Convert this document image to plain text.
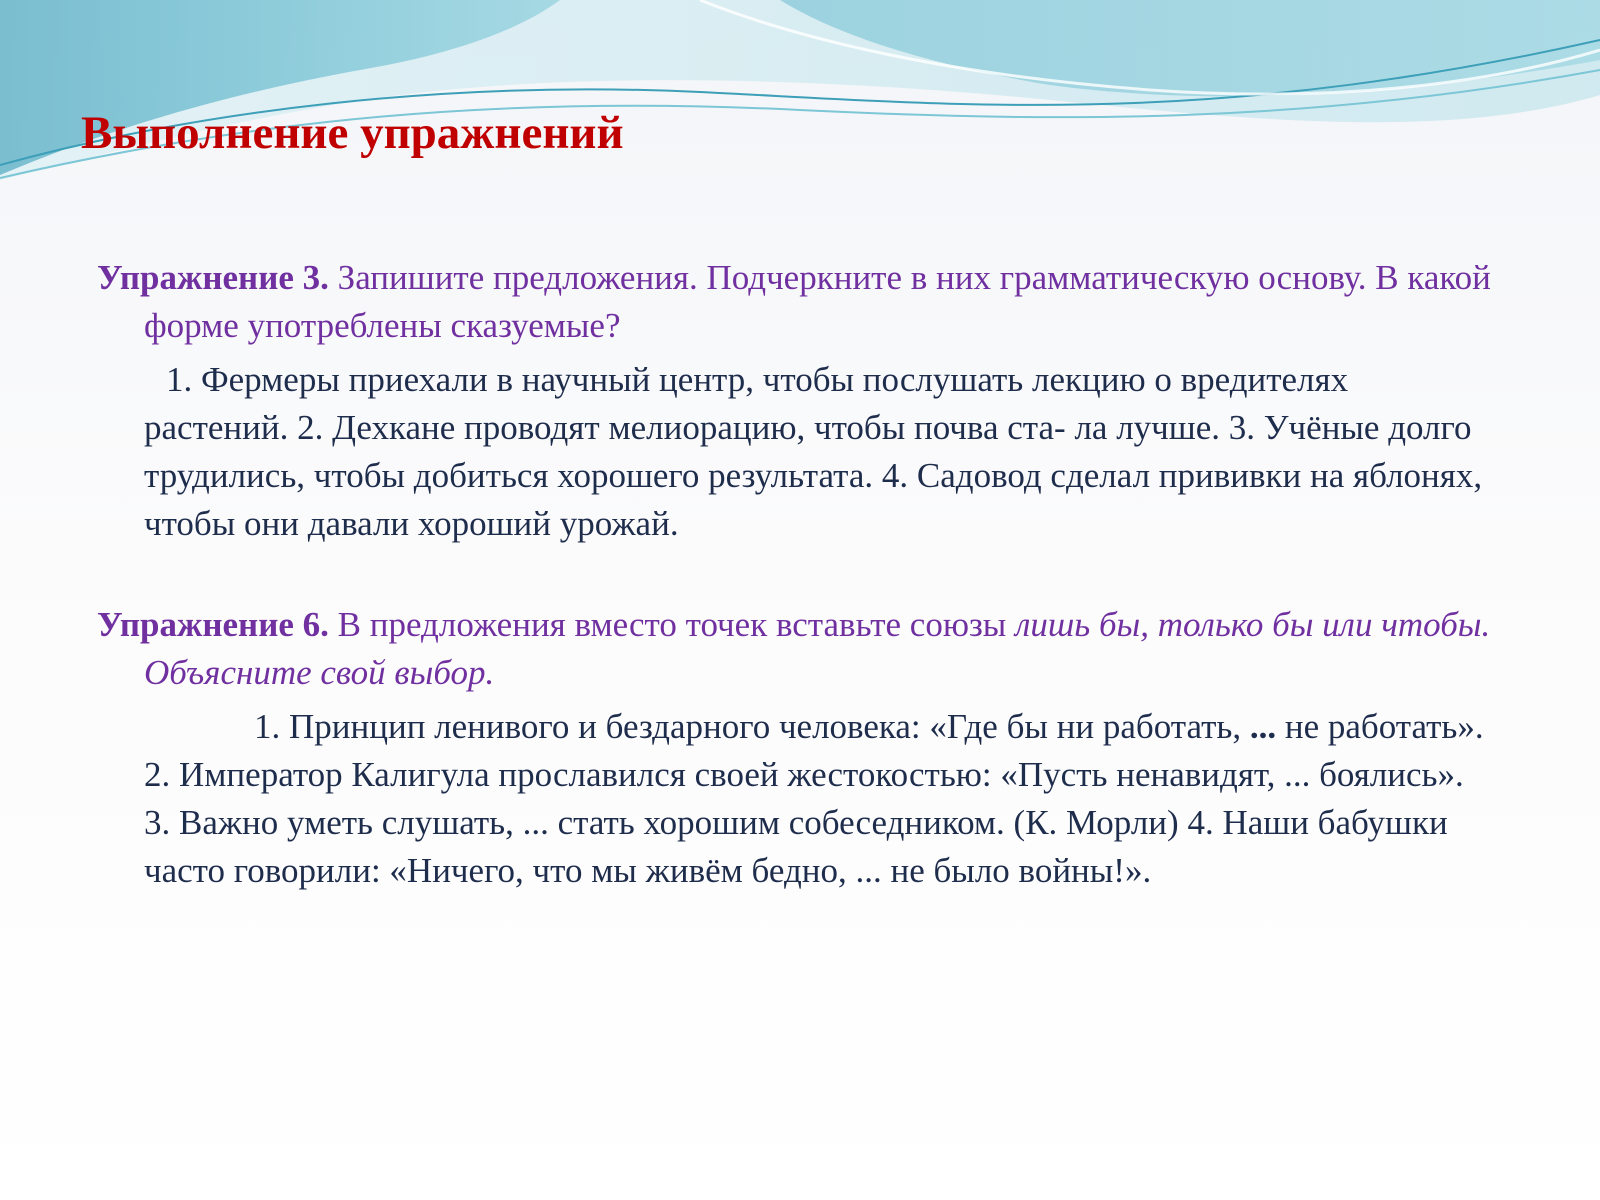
Выполнение упражнений

Упражнение 3. Запишите предложения. Подчеркните в них грамматическую основу. В какой форме употреблены сказуемые?

1. Фермеры приехали в научный центр, чтобы послушать лекцию о вредителях растений. 2. Дехкане проводят мелиорацию, чтобы почва ста- ла лучше. 3. Учёные долго трудились, чтобы добиться хорошего результата. 4. Садовод сделал прививки на яблонях, чтобы они давали хороший урожай.

Упражнение 6. В предложения вместо точек вставьте союзы лишь бы, только бы или чтобы. Объясните свой выбор.

1. Принцип ленивого и бездарного человека: «Где бы ни работать, ... не работать». 2. Император Калигула прославился своей жестокостью: «Пусть ненавидят, ... боялись». 3. Важно уметь слушать, ... стать хорошим собеседником. (К. Морли) 4. Наши бабушки часто говорили: «Ничего, что мы живём бедно, ... не было войны!».
